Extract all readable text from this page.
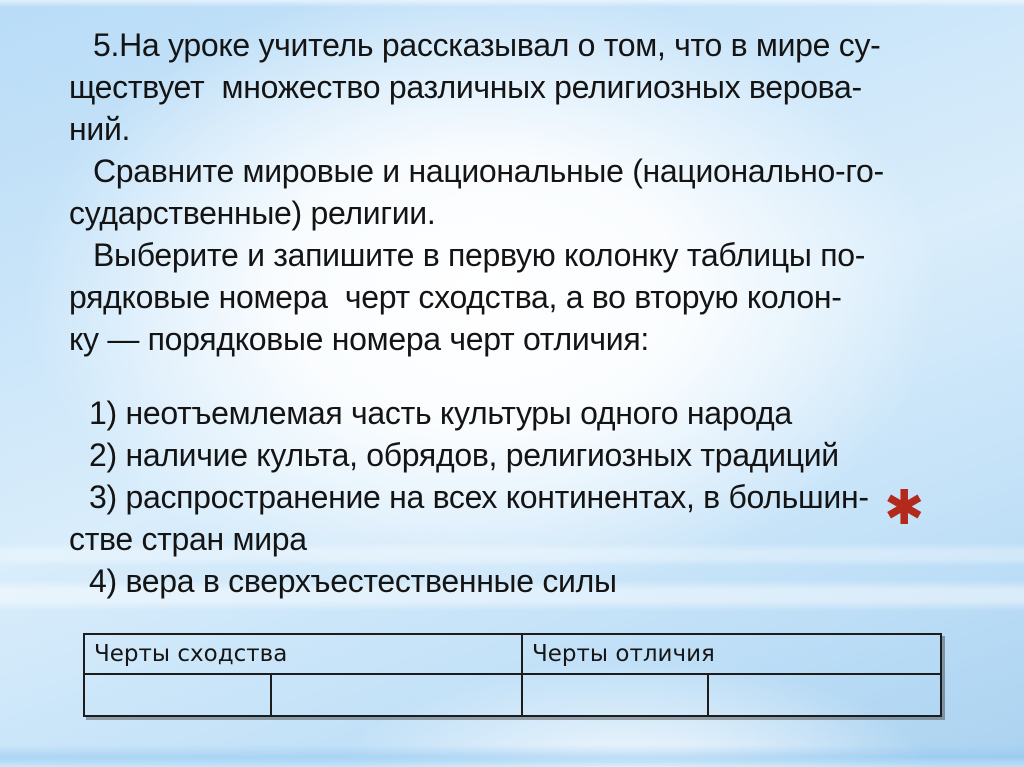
5.На уроке учитель рассказывал о том, что в мире су-
ществует  множество различных религиозных верова-
ний.
Сравните мировые и национальные (национально-го-
сударственные) религии.
Выберите и запишите в первую колонку таблицы по-
рядковые номера  черт сходства, а во вторую колон-
ку — порядковые номера черт отличия:
1) неотъемлемая часть культуры одного народа
2) наличие культа, обрядов, религиозных традиций
3) распространение на всех континентах, в большин-
стве стран мира
4) вера в сверхъестественные силы
✱
Черты сходства		Черты отличия	
